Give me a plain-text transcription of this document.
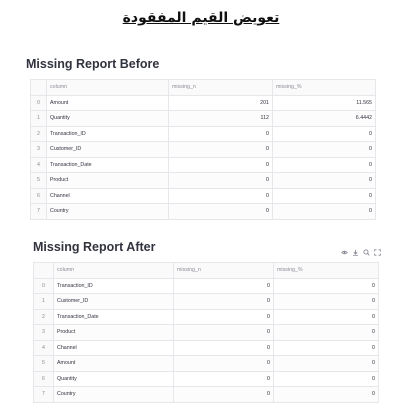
تعويض القيم المفقودة
Missing Report Before
	column	missing_n	missing_%
0	Amount	201	11.565
1	Quantity	112	6.4442
2	Transaction_ID	0	0
3	Customer_ID	0	0
4	Transaction_Date	0	0
5	Product	0	0
6	Channel	0	0
7	Country	0	0
Missing Report After
	column	missing_n	missing_%
0	Transaction_ID	0	0
1	Customer_ID	0	0
2	Transaction_Date	0	0
3	Product	0	0
4	Channel	0	0
5	Amount	0	0
6	Quantity	0	0
7	Country	0	0
